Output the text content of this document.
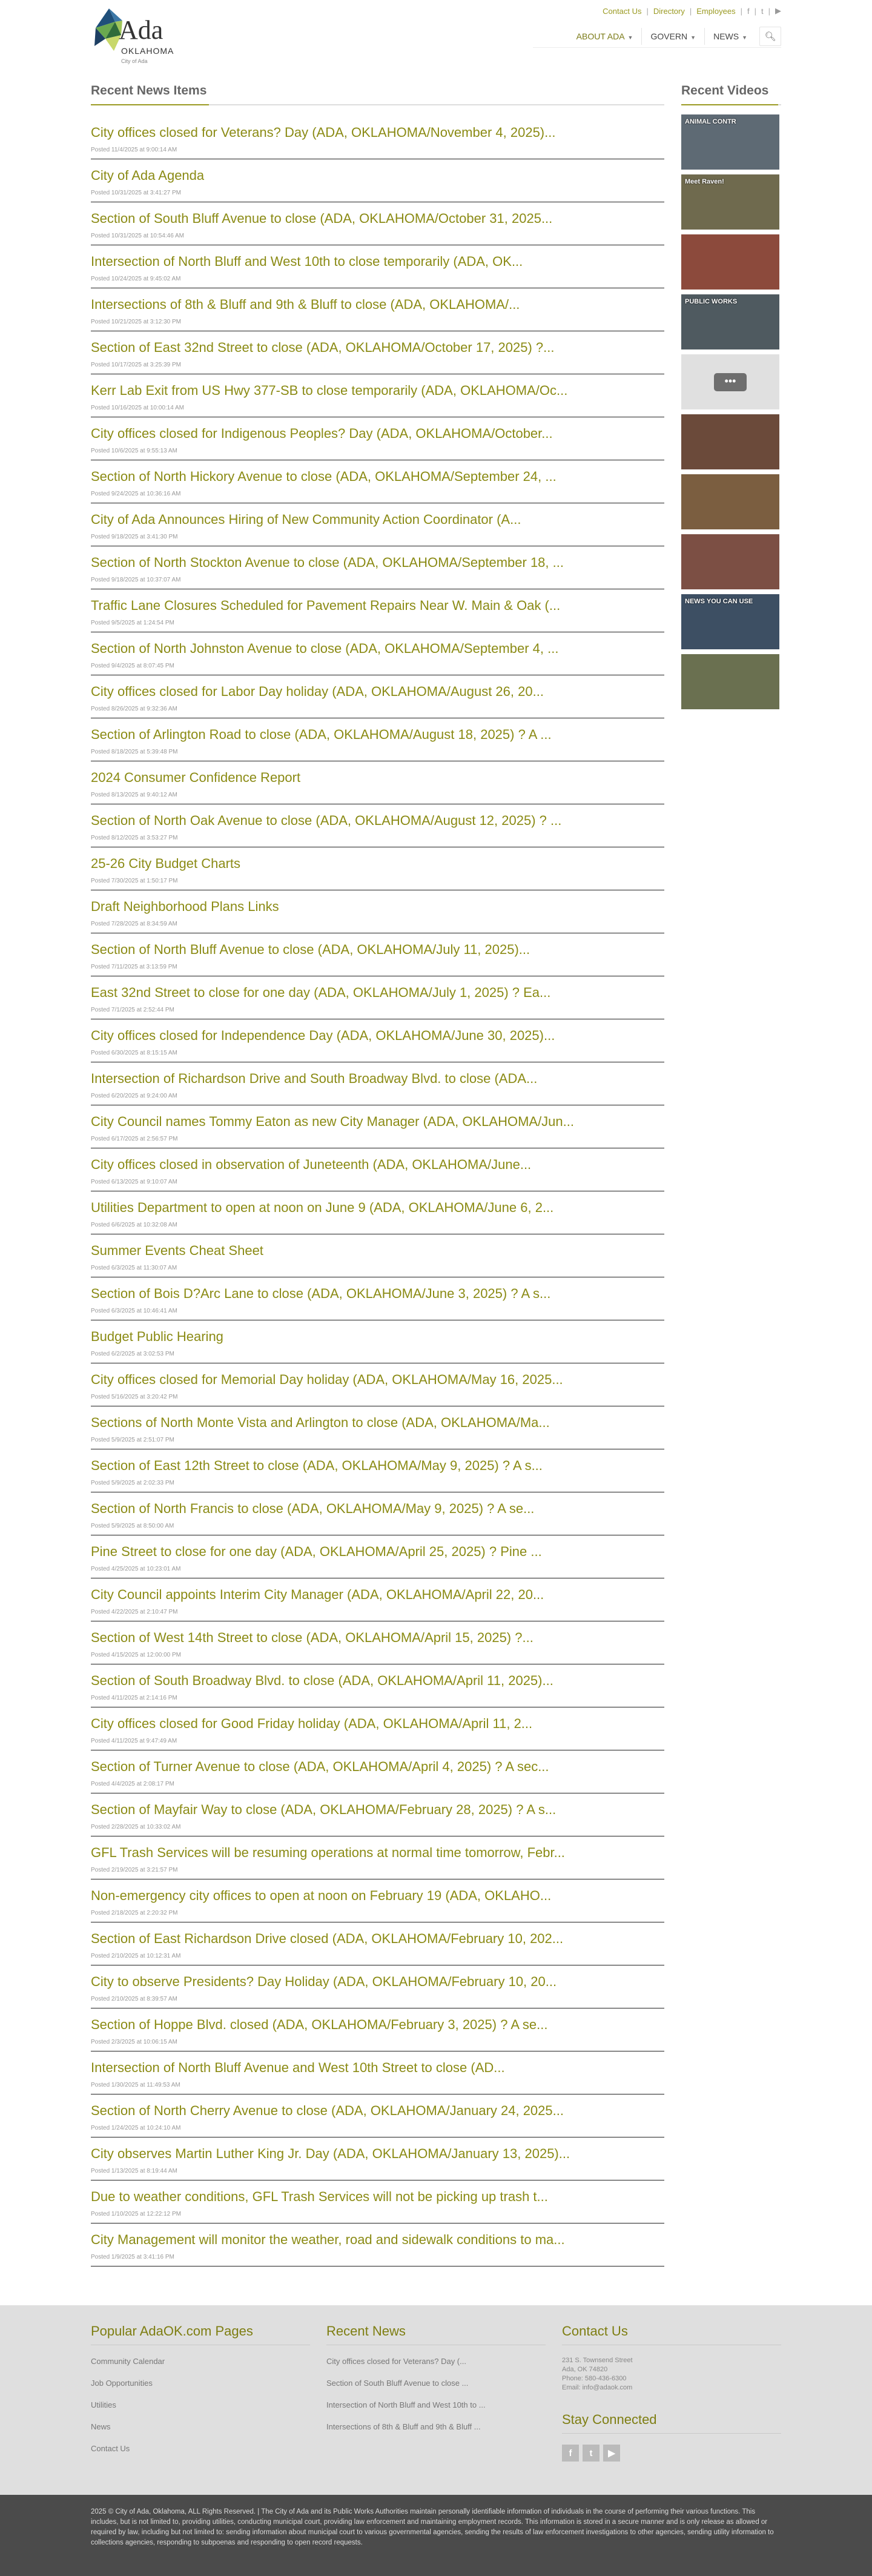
Ada
OKLAHOMA
City of Ada
Contact Us | Directory | Employees | f | t | ▶
ABOUT ADA ▼	GOVERN ▼	NEWS ▼	🔍︎
Recent News Items
City offices closed for Veterans? Day (ADA, OKLAHOMA/November 4, 2025)...
Posted 11/4/2025 at 9:00:14 AM
City of Ada Agenda
Posted 10/31/2025 at 3:41:27 PM
Section of South Bluff Avenue to close (ADA, OKLAHOMA/October 31, 2025...
Posted 10/31/2025 at 10:54:46 AM
Intersection of North Bluff and West 10th to close temporarily (ADA, OK...
Posted 10/24/2025 at 9:45:02 AM
Intersections of 8th & Bluff and 9th & Bluff to close (ADA, OKLAHOMA/...
Posted 10/21/2025 at 3:12:30 PM
Section of East 32nd Street to close (ADA, OKLAHOMA/October 17, 2025) ?...
Posted 10/17/2025 at 3:25:39 PM
Kerr Lab Exit from US Hwy 377-SB to close temporarily (ADA, OKLAHOMA/Oc...
Posted 10/16/2025 at 10:00:14 AM
City offices closed for Indigenous Peoples? Day (ADA, OKLAHOMA/October...
Posted 10/6/2025 at 9:55:13 AM
Section of North Hickory Avenue to close (ADA, OKLAHOMA/September 24, ...
Posted 9/24/2025 at 10:36:16 AM
City of Ada Announces Hiring of New Community Action Coordinator (A...
Posted 9/18/2025 at 3:41:30 PM
Section of North Stockton Avenue to close (ADA, OKLAHOMA/September 18, ...
Posted 9/18/2025 at 10:37:07 AM
Traffic Lane Closures Scheduled for Pavement Repairs Near W. Main & Oak (...
Posted 9/5/2025 at 1:24:54 PM
Section of North Johnston Avenue to close (ADA, OKLAHOMA/September 4, ...
Posted 9/4/2025 at 8:07:45 PM
City offices closed for Labor Day holiday (ADA, OKLAHOMA/August 26, 20...
Posted 8/26/2025 at 9:32:36 AM
Section of Arlington Road to close (ADA, OKLAHOMA/August 18, 2025) ? A ...
Posted 8/18/2025 at 5:39:48 PM
2024 Consumer Confidence Report
Posted 8/13/2025 at 9:40:12 AM
Section of North Oak Avenue to close (ADA, OKLAHOMA/August 12, 2025) ? ...
Posted 8/12/2025 at 3:53:27 PM
25-26 City Budget Charts
Posted 7/30/2025 at 1:50:17 PM
Draft Neighborhood Plans Links
Posted 7/28/2025 at 8:34:59 AM
Section of North Bluff Avenue to close (ADA, OKLAHOMA/July 11, 2025)...
Posted 7/11/2025 at 3:13:59 PM
East 32nd Street to close for one day (ADA, OKLAHOMA/July 1, 2025) ? Ea...
Posted 7/1/2025 at 2:52:44 PM
City offices closed for Independence Day (ADA, OKLAHOMA/June 30, 2025)...
Posted 6/30/2025 at 8:15:15 AM
Intersection of Richardson Drive and South Broadway Blvd. to close (ADA...
Posted 6/20/2025 at 9:24:00 AM
City Council names Tommy Eaton as new City Manager (ADA, OKLAHOMA/Jun...
Posted 6/17/2025 at 2:56:57 PM
City offices closed in observation of Juneteenth (ADA, OKLAHOMA/June...
Posted 6/13/2025 at 9:10:07 AM
Utilities Department to open at noon on June 9 (ADA, OKLAHOMA/June 6, 2...
Posted 6/6/2025 at 10:32:08 AM
Summer Events Cheat Sheet
Posted 6/3/2025 at 11:30:07 AM
Section of Bois D?Arc Lane to close (ADA, OKLAHOMA/June 3, 2025) ? A s...
Posted 6/3/2025 at 10:46:41 AM
Budget Public Hearing
Posted 6/2/2025 at 3:02:53 PM
City offices closed for Memorial Day holiday (ADA, OKLAHOMA/May 16, 2025...
Posted 5/16/2025 at 3:20:42 PM
Sections of North Monte Vista and Arlington to close (ADA, OKLAHOMA/Ma...
Posted 5/9/2025 at 2:51:07 PM
Section of East 12th Street to close (ADA, OKLAHOMA/May 9, 2025) ? A s...
Posted 5/9/2025 at 2:02:33 PM
Section of North Francis to close (ADA, OKLAHOMA/May 9, 2025) ? A se...
Posted 5/9/2025 at 8:50:00 AM
Pine Street to close for one day (ADA, OKLAHOMA/April 25, 2025) ? Pine ...
Posted 4/25/2025 at 10:23:01 AM
City Council appoints Interim City Manager (ADA, OKLAHOMA/April 22, 20...
Posted 4/22/2025 at 2:10:47 PM
Section of West 14th Street to close (ADA, OKLAHOMA/April 15, 2025) ?...
Posted 4/15/2025 at 12:00:00 PM
Section of South Broadway Blvd. to close (ADA, OKLAHOMA/April 11, 2025)...
Posted 4/11/2025 at 2:14:16 PM
City offices closed for Good Friday holiday (ADA, OKLAHOMA/April 11, 2...
Posted 4/11/2025 at 9:47:49 AM
Section of Turner Avenue to close (ADA, OKLAHOMA/April 4, 2025) ? A sec...
Posted 4/4/2025 at 2:08:17 PM
Section of Mayfair Way to close (ADA, OKLAHOMA/February 28, 2025) ? A s...
Posted 2/28/2025 at 10:33:02 AM
GFL Trash Services will be resuming operations at normal time tomorrow, Febr...
Posted 2/19/2025 at 3:21:57 PM
Non-emergency city offices to open at noon on February 19 (ADA, OKLAHO...
Posted 2/18/2025 at 2:20:32 PM
Section of East Richardson Drive closed (ADA, OKLAHOMA/February 10, 202...
Posted 2/10/2025 at 10:12:31 AM
City to observe Presidents? Day Holiday (ADA, OKLAHOMA/February 10, 20...
Posted 2/10/2025 at 8:39:57 AM
Section of Hoppe Blvd. closed (ADA, OKLAHOMA/February 3, 2025) ? A se...
Posted 2/3/2025 at 10:06:15 AM
Intersection of North Bluff Avenue and West 10th Street to close (AD...
Posted 1/30/2025 at 11:49:53 AM
Section of North Cherry Avenue to close (ADA, OKLAHOMA/January 24, 2025...
Posted 1/24/2025 at 10:24:10 AM
City observes Martin Luther King Jr. Day (ADA, OKLAHOMA/January 13, 2025)...
Posted 1/13/2025 at 8:19:44 AM
Due to weather conditions, GFL Trash Services will not be picking up trash t...
Posted 1/10/2025 at 12:22:12 PM
City Management will monitor the weather, road and sidewalk conditions to ma...
Posted 1/9/2025 at 3:41:16 PM
Recent Videos
ANIMAL CONTR
Meet Raven!
PUBLIC WORKS
•••
NEWS YOU CAN USE
Popular AdaOK.com Pages
Community Calendar
Job Opportunities
Utilities
News
Contact Us
Recent News
City offices closed for Veterans? Day (...
Section of South Bluff Avenue to close ...
Intersection of North Bluff and West 10th to ...
Intersections of 8th & Bluff and 9th & Bluff ...
Contact Us
231 S. Townsend Street
Ada, OK 74820
Phone: 580-436-6300
Email: info@adaok.com
Stay Connected
f	t	▶

2025 © City of Ada, Oklahoma, ALL Rights Reserved. | The City of Ada and its Public Works Authorities maintain personally identifiable information of individuals in the course of performing their various functions. This includes, but is not limited to, providing utilities, conducting municipal court, providing law enforcement and maintaining employment records. This information is stored in a secure manner and is only release as allowed or required by law, including but not limited to: sending information about municipal court to various governmental agencies, sending the results of law enforcement investigations to other agencies, sending utility information to collections agencies, responding to subpoenas and responding to open record requests.
